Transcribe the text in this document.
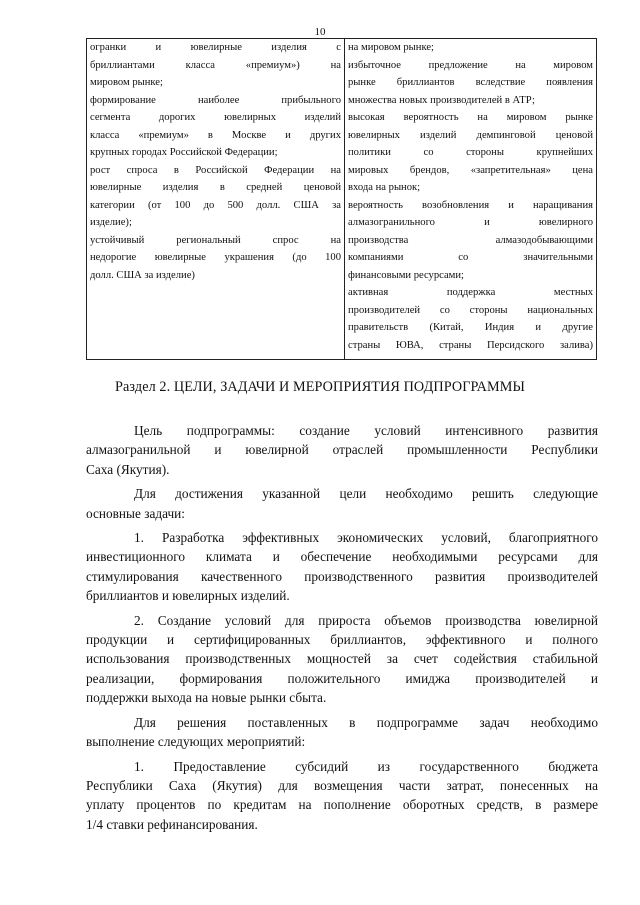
10
огранки и ювелирные изделия с
бриллиантами класса «премиум») на
мировом рынке;
формирование наиболее прибыльного
сегмента дорогих ювелирных изделий
класса «премиум» в Москве и других
крупных городах Российской Федерации;
рост спроса в Российской Федерации на
ювелирные изделия в средней ценовой
категории (от 100 до 500 долл. США за
изделие);
устойчивый региональный спрос на
недорогие ювелирные украшения (до 100
долл. США за изделие)
на мировом рынке;
избыточное предложение на мировом
рынке бриллиантов вследствие появления
множества новых производителей в АТР;
высокая вероятность на мировом рынке
ювелирных изделий демпинговой ценовой
политики со стороны крупнейших
мировых брендов, «запретительная» цена
входа на рынок;
вероятность возобновления и наращивания
алмазогранильного и ювелирного
производства алмазодобывающими
компаниями со значительными
финансовыми ресурсами;
активная поддержка местных
производителей со стороны национальных
правительств (Китай, Индия и другие
страны ЮВА, страны Персидского залива)
Раздел 2. ЦЕЛИ, ЗАДАЧИ И МЕРОПРИЯТИЯ ПОДПРОГРАММЫ
Цель подпрограммы: создание условий интенсивного развития
алмазогранильной и ювелирной отраслей промышленности Республики
Саха (Якутия).
Для достижения указанной цели необходимо решить следующие
основные задачи:
1. Разработка эффективных экономических условий, благоприятного
инвестиционного климата и обеспечение необходимыми ресурсами для
стимулирования качественного производственного развития производителей
бриллиантов и ювелирных изделий.
2. Создание условий для прироста объемов производства ювелирной
продукции и сертифицированных бриллиантов, эффективного и полного
использования производственных мощностей за счет содействия стабильной
реализации, формирования положительного имиджа производителей и
поддержки выхода на новые рынки сбыта.
Для решения поставленных в подпрограмме задач необходимо
выполнение следующих мероприятий:
1. Предоставление субсидий из государственного бюджета
Республики Саха (Якутия) для возмещения части затрат, понесенных на
уплату процентов по кредитам на пополнение оборотных средств, в размере
1/4 ставки рефинансирования.
